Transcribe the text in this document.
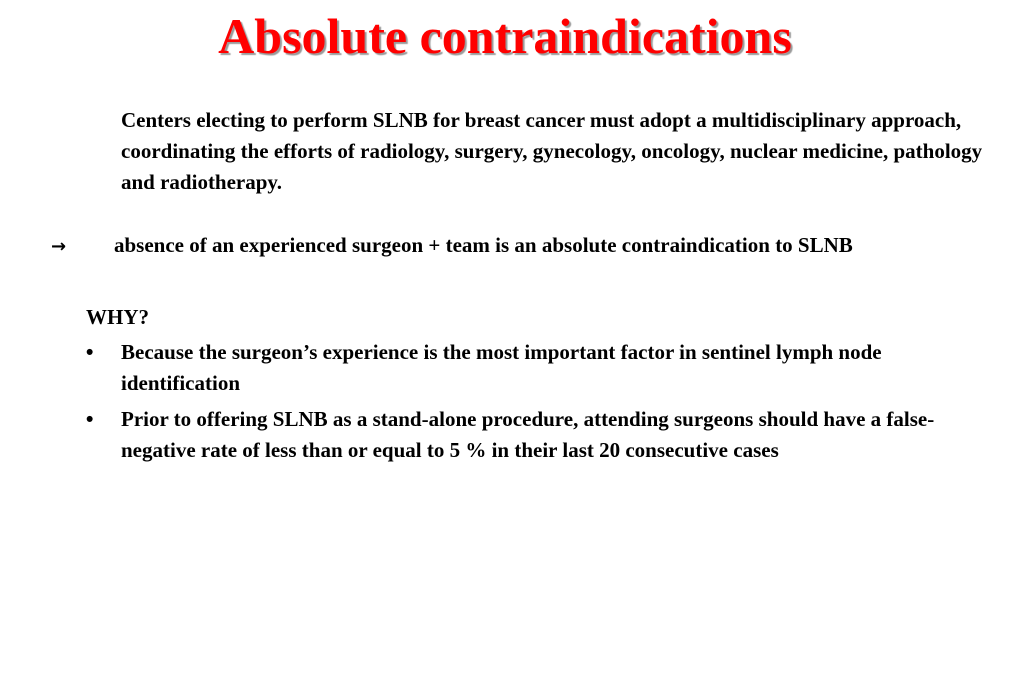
Absolute contraindications

Centers electing to perform SLNB for breast cancer must adopt a multidisciplinary approach, coordinating the efforts of radiology, surgery, gynecology, oncology, nuclear medicine, pathology and radiotherapy.

→ absence of an experienced surgeon + team is an absolute contraindication to SLNB

WHY?

• Because the surgeon’s experience is the most important factor in sentinel lymph node identification
• Prior to offering SLNB as a stand-alone procedure, attending surgeons should have a false-negative rate of less than or equal to 5 % in their last 20 consecutive cases
